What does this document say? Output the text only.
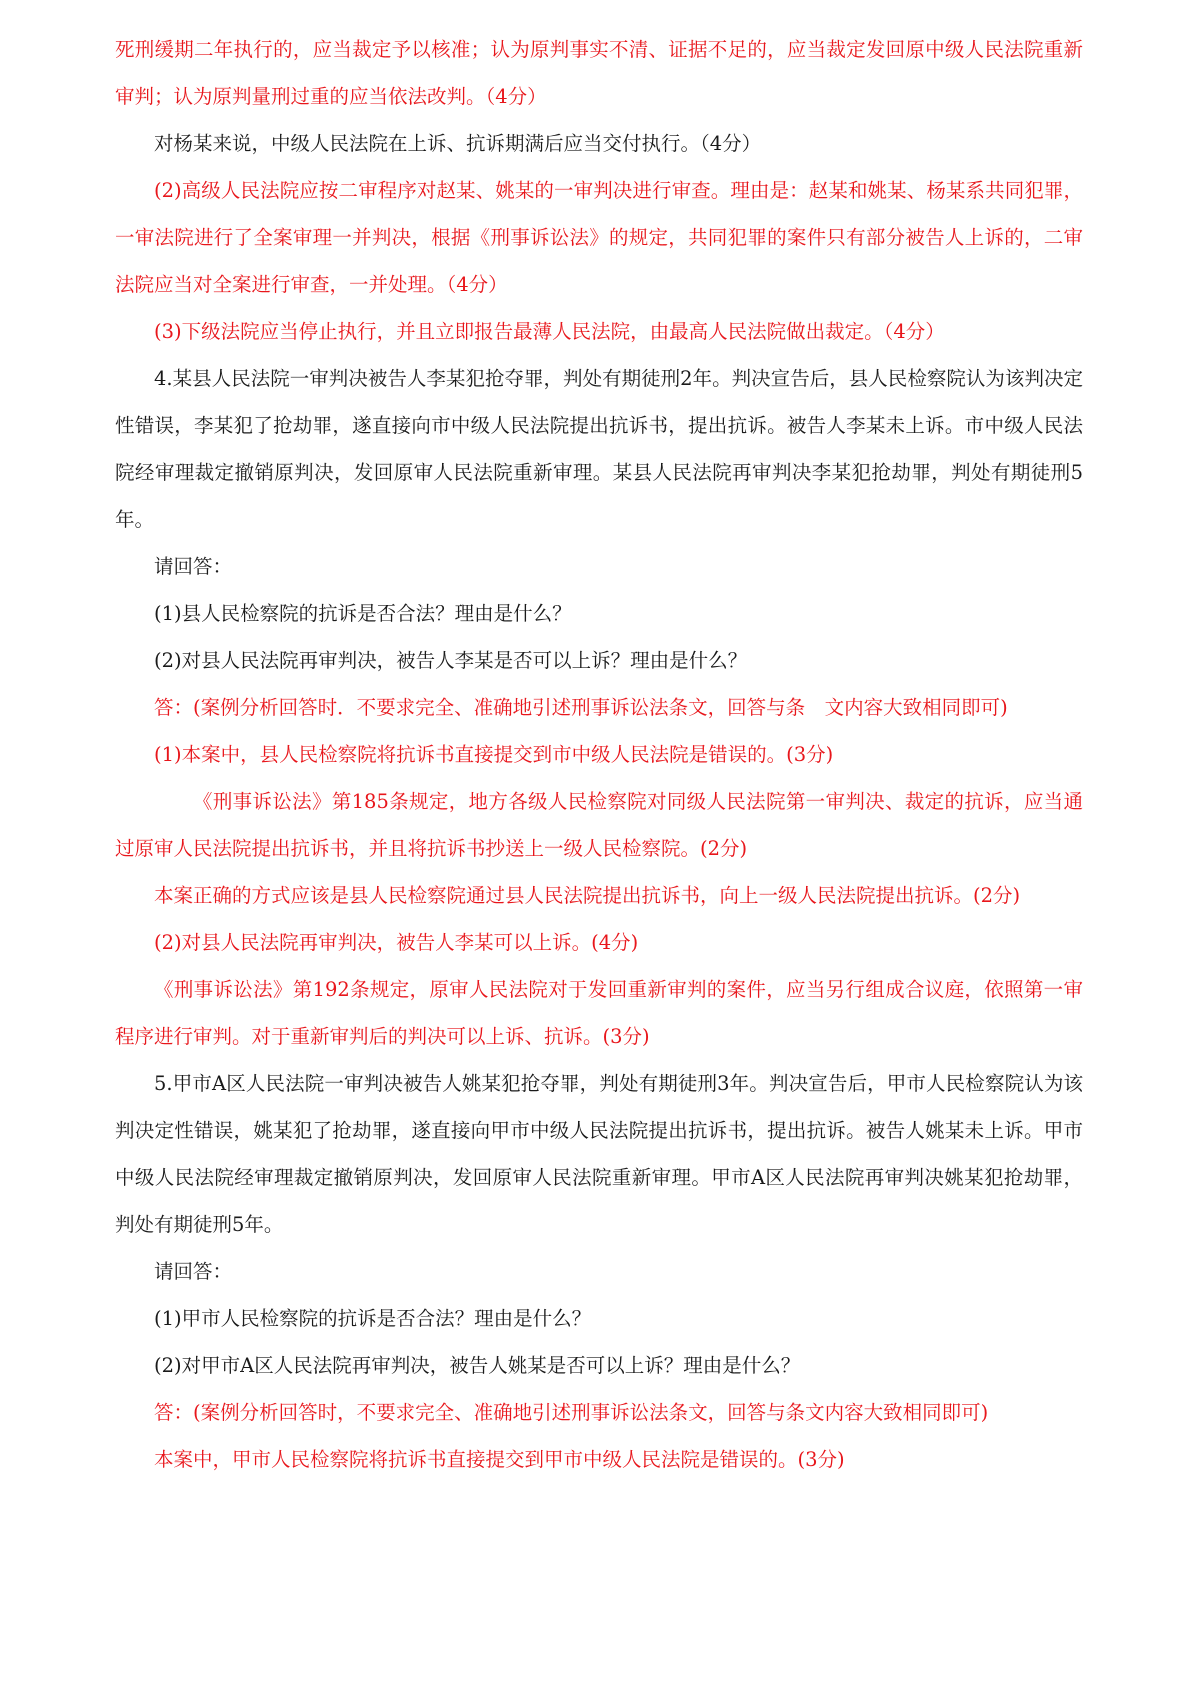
死刑缓期二年执行的，应当裁定予以核准；认为原判事实不清、证据不足的，应当裁定发回原中级人民法院重新审判；认为原判量刑过重的应当依法改判。（4分）

对杨某来说，中级人民法院在上诉、抗诉期满后应当交付执行。（4分）

(2)高级人民法院应按二审程序对赵某、姚某的一审判决进行审查。理由是：赵某和姚某、杨某系共同犯罪，一审法院进行了全案审理一并判决，根据《刑事诉讼法》的规定，共同犯罪的案件只有部分被告人上诉的，二审法院应当对全案进行审查，一并处理。（4分）

(3)下级法院应当停止执行，并且立即报告最薄人民法院，由最高人民法院做出裁定。（4分）

4.某县人民法院一审判决被告人李某犯抢夺罪，判处有期徒刑2年。判决宣告后，县人民检察院认为该判决定性错误，李某犯了抢劫罪，遂直接向市中级人民法院提出抗诉书，提出抗诉。被告人李某未上诉。市中级人民法院经审理裁定撤销原判决，发回原审人民法院重新审理。某县人民法院再审判决李某犯抢劫罪，判处有期徒刑5年。

请回答：

(1)县人民检察院的抗诉是否合法？理由是什么？

(2)对县人民法院再审判决，被告人李某是否可以上诉？理由是什么？

答：(案例分析回答时．不要求完全、准确地引述刑事诉讼法条文，回答与条　文内容大致相同即可)

(1)本案中，县人民检察院将抗诉书直接提交到市中级人民法院是错误的。(3分)

《刑事诉讼法》第185条规定，地方各级人民检察院对同级人民法院第一审判决、裁定的抗诉，应当通过原审人民法院提出抗诉书，并且将抗诉书抄送上一级人民检察院。(2分)

本案正确的方式应该是县人民检察院通过县人民法院提出抗诉书，向上一级人民法院提出抗诉。(2分)

(2)对县人民法院再审判决，被告人李某可以上诉。(4分)

《刑事诉讼法》第192条规定，原审人民法院对于发回重新审判的案件，应当另行组成合议庭，依照第一审程序进行审判。对于重新审判后的判决可以上诉、抗诉。(3分)

5.甲市A区人民法院一审判决被告人姚某犯抢夺罪，判处有期徒刑3年。判决宣告后，甲市人民检察院认为该判决定性错误，姚某犯了抢劫罪，遂直接向甲市中级人民法院提出抗诉书，提出抗诉。被告人姚某未上诉。甲市中级人民法院经审理裁定撤销原判决，发回原审人民法院重新审理。甲市A区人民法院再审判决姚某犯抢劫罪，判处有期徒刑5年。

请回答：

(1)甲市人民检察院的抗诉是否合法？理由是什么？

(2)对甲市A区人民法院再审判决，被告人姚某是否可以上诉？理由是什么？

答：(案例分析回答时，不要求完全、准确地引述刑事诉讼法条文，回答与条文内容大致相同即可)

本案中，甲市人民检察院将抗诉书直接提交到甲市中级人民法院是错误的。(3分)
